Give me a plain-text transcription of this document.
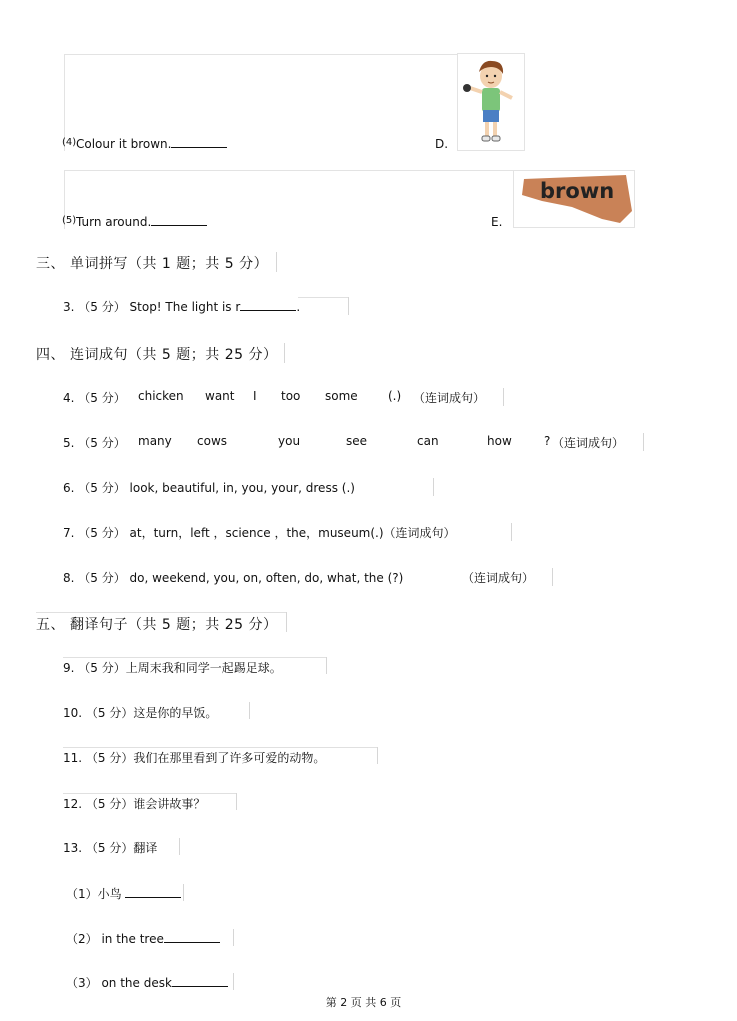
(4) Colour it brown.	D.
(5) Turn around.	E.
brown
三、 单词拼写（共 1 题；共 5 分）
3. （5 分） Stop! The light is r	.
四、 连词成句（共 5 题；共 25 分）
4. （5 分） chicken want I too some	(.) （连词成句）
5. （5 分） many cows	you	see	can	how	? （连词成句）
6. （5 分） look, beautiful, in, you, your, dress (.)
7. （5 分） at，turn，left ，science ，the，museum(.)（连词成句）
8. （5 分） do, weekend, you, on, often, do, what, the (?)	（连词成句）
五、 翻译句子（共 5 题；共 25 分）
9. （5 分）上周末我和同学一起踢足球。
10. （5 分）这是你的早饭。
11. （5 分）我们在那里看到了许多可爱的动物。
12. （5 分）谁会讲故事？
13. （5 分）翻译
（1）小鸟
（2） in the tree
（3） on the desk
第 2 页 共 6 页
